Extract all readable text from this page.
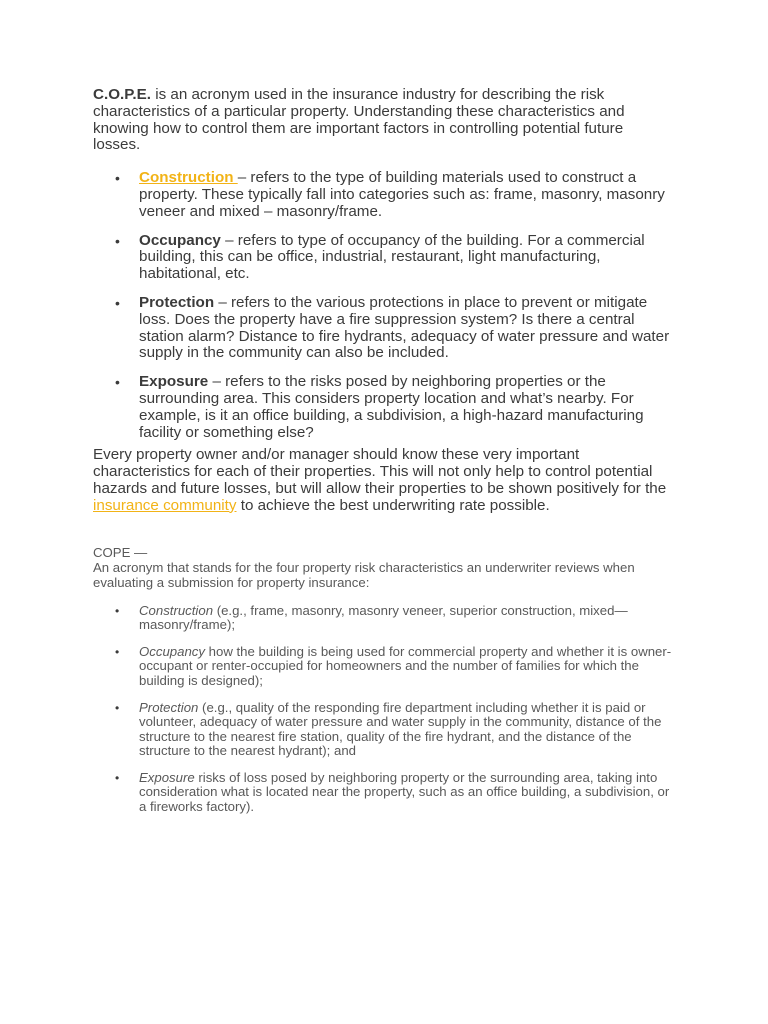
C.O.P.E. is an acronym used in the insurance industry for describing the risk characteristics of a particular property. Understanding these characteristics and knowing how to control them are important factors in controlling potential future losses.

• Construction – refers to the type of building materials used to construct a property. These typically fall into categories such as: frame, masonry, masonry veneer and mixed – masonry/frame.
• Occupancy – refers to type of occupancy of the building. For a commercial building, this can be office, industrial, restaurant, light manufacturing, habitational, etc.
• Protection – refers to the various protections in place to prevent or mitigate loss. Does the property have a fire suppression system? Is there a central station alarm? Distance to fire hydrants, adequacy of water pressure and water supply in the community can also be included.
• Exposure – refers to the risks posed by neighboring properties or the surrounding area. This considers property location and what’s nearby. For example, is it an office building, a subdivision, a high-hazard manufacturing facility or something else?

Every property owner and/or manager should know these very important characteristics for each of their properties. This will not only help to control potential hazards and future losses, but will allow their properties to be shown positively for the insurance community to achieve the best underwriting rate possible.

COPE —

An acronym that stands for the four property risk characteristics an underwriter reviews when evaluating a submission for property insurance:

• Construction (e.g., frame, masonry, masonry veneer, superior construction, mixed—masonry/frame);
• Occupancy how the building is being used for commercial property and whether it is owner-occupant or renter-occupied for homeowners and the number of families for which the building is designed);
• Protection (e.g., quality of the responding fire department including whether it is paid or volunteer, adequacy of water pressure and water supply in the community, distance of the structure to the nearest fire station, quality of the fire hydrant, and the distance of the structure to the nearest hydrant); and
• Exposure risks of loss posed by neighboring property or the surrounding area, taking into consideration what is located near the property, such as an office building, a subdivision, or a fireworks factory).
